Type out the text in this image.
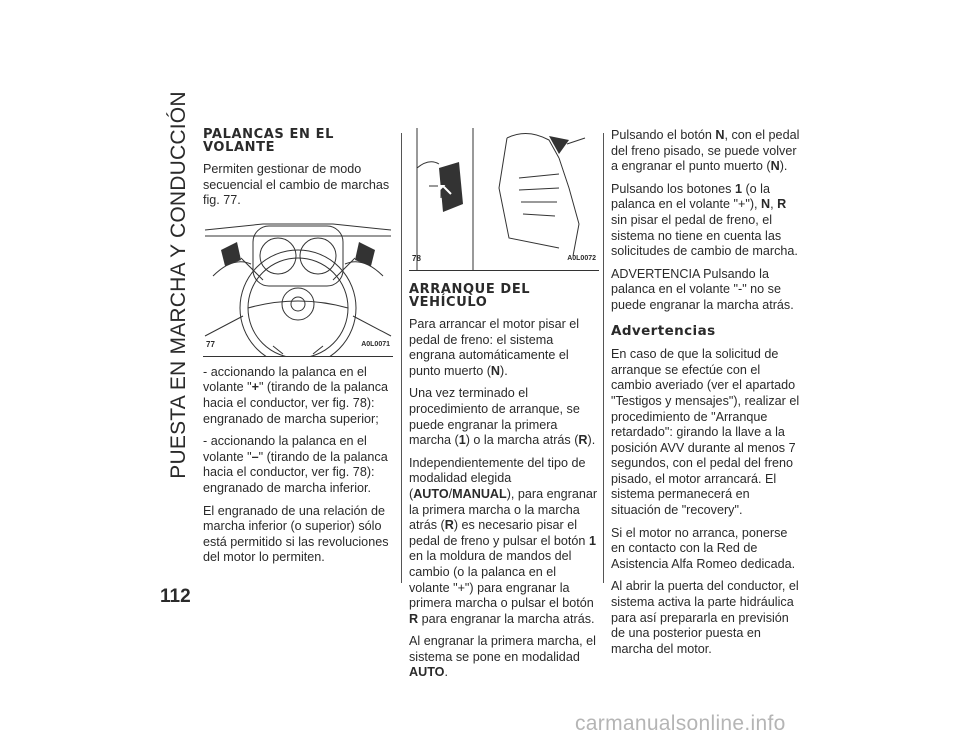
PUESTA EN MARCHA Y CONDUCCIÓN
112
PALANCAS EN EL VOLANTE

Permiten gestionar de modo secuencial el cambio de marchas fig. 77.

77	A0L0071

- accionando la palanca en el volante "+" (tirando de la palanca hacia el conductor, ver fig. 78): engranado de marcha superior;

- accionando la palanca en el volante "–" (tirando de la palanca hacia el conductor, ver fig. 78): engranado de marcha inferior.

El engranado de una relación de marcha inferior (o superior) sólo está permitido si las revoluciones del motor lo permiten.

78	A0L0072
ARRANQUE DEL VEHÍCULO

Para arrancar el motor pisar el pedal de freno: el sistema engrana automáticamente el punto muerto (N).

Una vez terminado el procedimiento de arranque, se puede engranar la primera marcha (1) o la marcha atrás (R).

Independientemente del tipo de modalidad elegida (AUTO/MANUAL), para engranar la primera marcha o la marcha atrás (R) es necesario pisar el pedal de freno y pulsar el botón 1 en la moldura de mandos del cambio (o la palanca en el volante "+") para engranar la primera marcha o pulsar el botón R para engranar la marcha atrás.

Al engranar la primera marcha, el sistema se pone en modalidad AUTO.

Pulsando el botón N, con el pedal del freno pisado, se puede volver a engranar el punto muerto (N).

Pulsando los botones 1 (o la palanca en el volante "+"), N, R sin pisar el pedal de freno, el sistema no tiene en cuenta las solicitudes de cambio de marcha.

ADVERTENCIA Pulsando la palanca en el volante "-" no se puede engranar la marcha atrás.

Advertencias

En caso de que la solicitud de arranque se efectúe con el cambio averiado (ver el apartado "Testigos y mensajes"), realizar el procedimiento de "Arranque retardado": girando la llave a la posición AVV durante al menos 7 segundos, con el pedal del freno pisado, el motor arrancará. El sistema permanecerá en situación de "recovery".

Si el motor no arranca, ponerse en contacto con la Red de Asistencia Alfa Romeo dedicada.

Al abrir la puerta del conductor, el sistema activa la parte hidráulica para así prepararla en previsión de una posterior puesta en marcha del motor.

carmanualsonline.info
